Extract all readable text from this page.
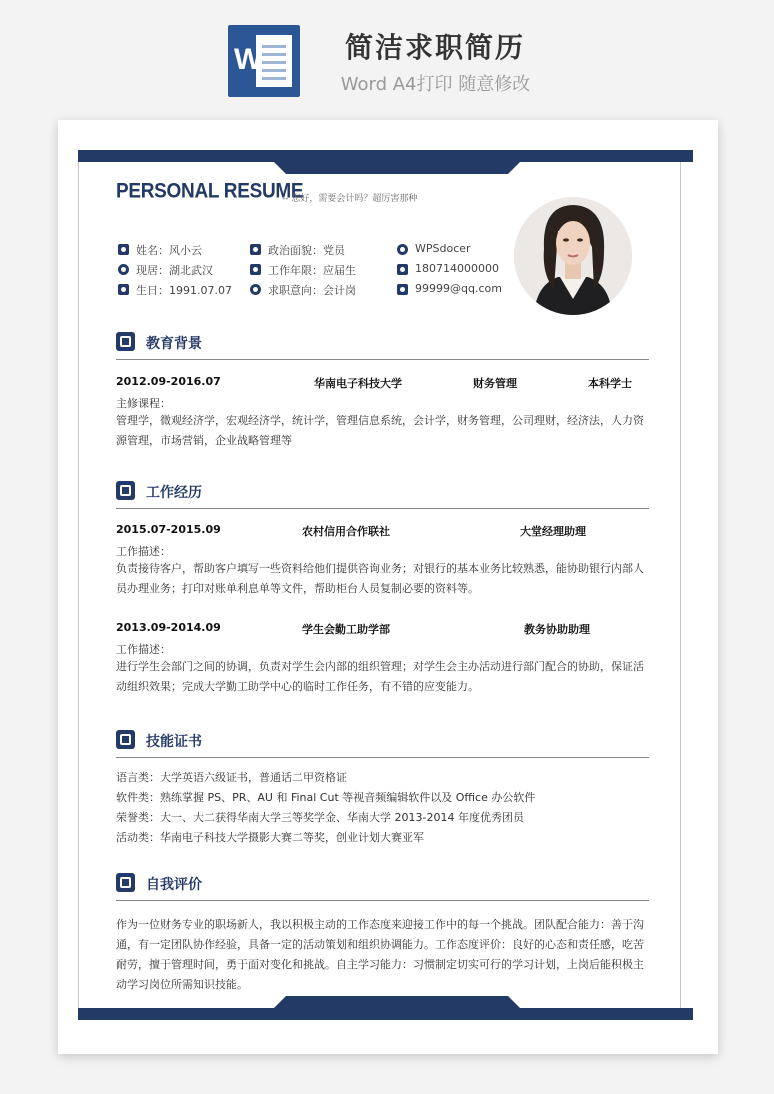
W	简洁求职简历
Word A4打印 随意修改
PERSONAL RESUME
-- 您好，需要会计吗？超厉害那种
姓名：风小云
现居：湖北武汉
生日：1991.07.07
政治面貌：党员
工作年限：应届生
求职意向：会计岗
WPSdocer
180714000000
99999@qq.com
教育背景
2012.09-2016.07	华南电子科技大学	财务管理	本科学士
主修课程：
管理学，微观经济学，宏观经济学，统计学，管理信息系统，会计学，财务管理，公司理财，经济法，人力资源管理，市场营销，企业战略管理等
工作经历
2015.07-2015.09	农村信用合作联社	大堂经理助理
工作描述：
负责接待客户，帮助客户填写一些资料给他们提供咨询业务；对银行的基本业务比较熟悉，能协助银行内部人员办理业务；打印对账单利息单等文件，帮助柜台人员复制必要的资料等。
2013.09-2014.09	学生会勤工助学部	教务协助助理
工作描述：
进行学生会部门之间的协调，负责对学生会内部的组织管理；对学生会主办活动进行部门配合的协助，保证活动组织效果；完成大学勤工助学中心的临时工作任务，有不错的应变能力。
技能证书
语言类：大学英语六级证书，普通话二甲资格证
软件类：熟练掌握 PS、PR、AU 和 Final Cut 等视音频编辑软件以及 Office 办公软件
荣誉类：大一、大二获得华南大学三等奖学金、华南大学 2013-2014 年度优秀团员
活动类：华南电子科技大学摄影大赛二等奖，创业计划大赛亚军
自我评价
作为一位财务专业的职场新人，我以积极主动的工作态度来迎接工作中的每一个挑战。团队配合能力：善于沟通，有一定团队协作经验，具备一定的活动策划和组织协调能力。工作态度评价：良好的心态和责任感，吃苦耐劳，擅于管理时间，勇于面对变化和挑战。自主学习能力：习惯制定切实可行的学习计划，上岗后能积极主动学习岗位所需知识技能。
